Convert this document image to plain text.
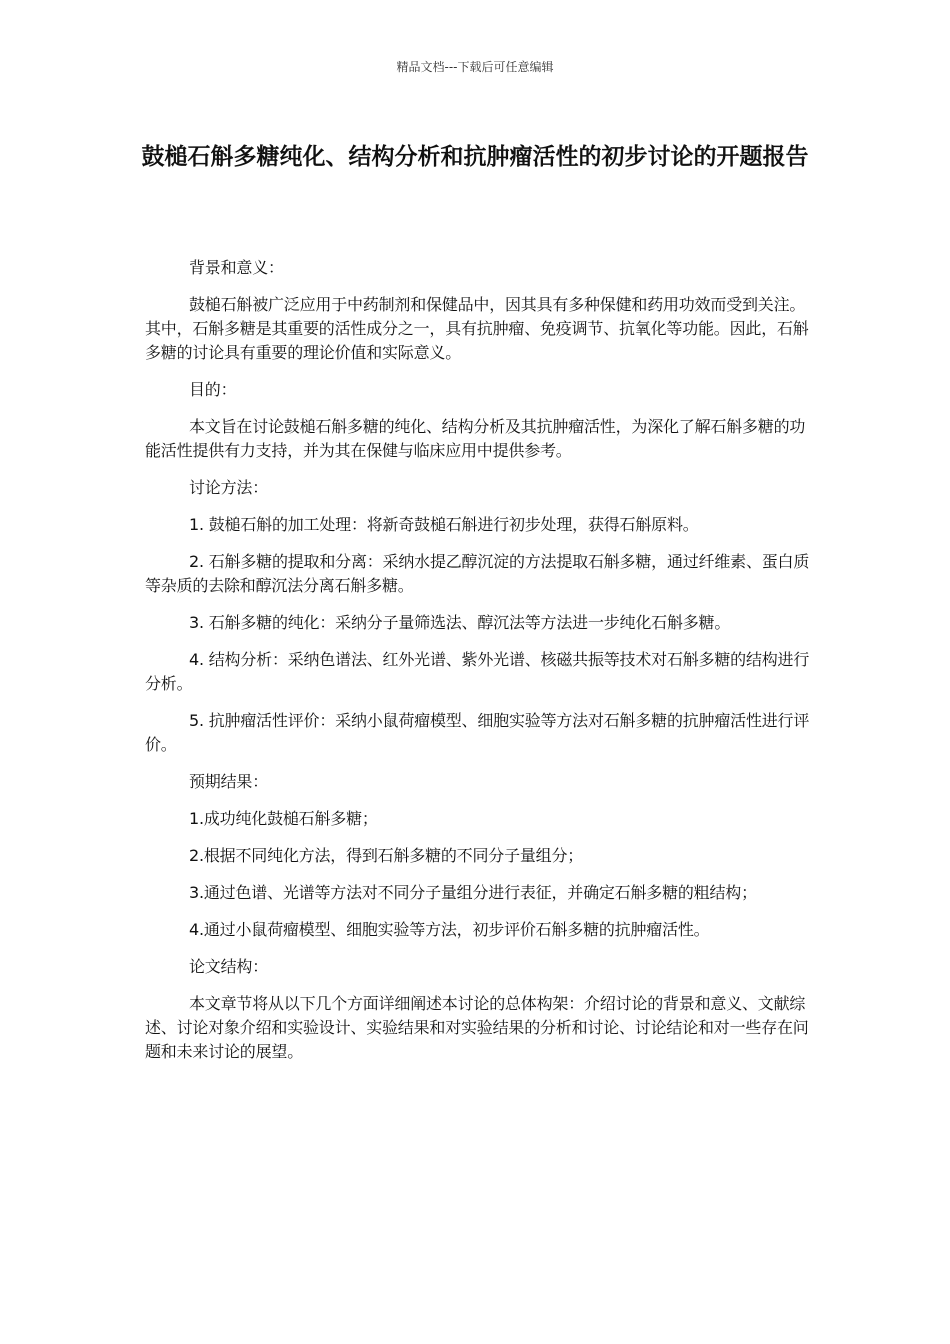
精品文档---下载后可任意编辑
鼓槌石斛多糖纯化、结构分析和抗肿瘤活性的初步讨论的开题报告

背景和意义：

鼓槌石斛被广泛应用于中药制剂和保健品中，因其具有多种保健和药用功效而受到关注。其中，石斛多糖是其重要的活性成分之一，具有抗肿瘤、免疫调节、抗氧化等功能。因此，石斛多糖的讨论具有重要的理论价值和实际意义。

目的：

本文旨在讨论鼓槌石斛多糖的纯化、结构分析及其抗肿瘤活性，为深化了解石斛多糖的功能活性提供有力支持，并为其在保健与临床应用中提供参考。

讨论方法：

1. 鼓槌石斛的加工处理：将新奇鼓槌石斛进行初步处理，获得石斛原料。

2. 石斛多糖的提取和分离：采纳水提乙醇沉淀的方法提取石斛多糖，通过纤维素、蛋白质等杂质的去除和醇沉法分离石斛多糖。

3. 石斛多糖的纯化：采纳分子量筛选法、醇沉法等方法进一步纯化石斛多糖。

4. 结构分析：采纳色谱法、红外光谱、紫外光谱、核磁共振等技术对石斛多糖的结构进行分析。

5. 抗肿瘤活性评价：采纳小鼠荷瘤模型、细胞实验等方法对石斛多糖的抗肿瘤活性进行评价。

预期结果：

1.成功纯化鼓槌石斛多糖；

2.根据不同纯化方法，得到石斛多糖的不同分子量组分；

3.通过色谱、光谱等方法对不同分子量组分进行表征，并确定石斛多糖的粗结构；

4.通过小鼠荷瘤模型、细胞实验等方法，初步评价石斛多糖的抗肿瘤活性。

论文结构：

本文章节将从以下几个方面详细阐述本讨论的总体构架：介绍讨论的背景和意义、文献综述、讨论对象介绍和实验设计、实验结果和对实验结果的分析和讨论、讨论结论和对一些存在问题和未来讨论的展望。
